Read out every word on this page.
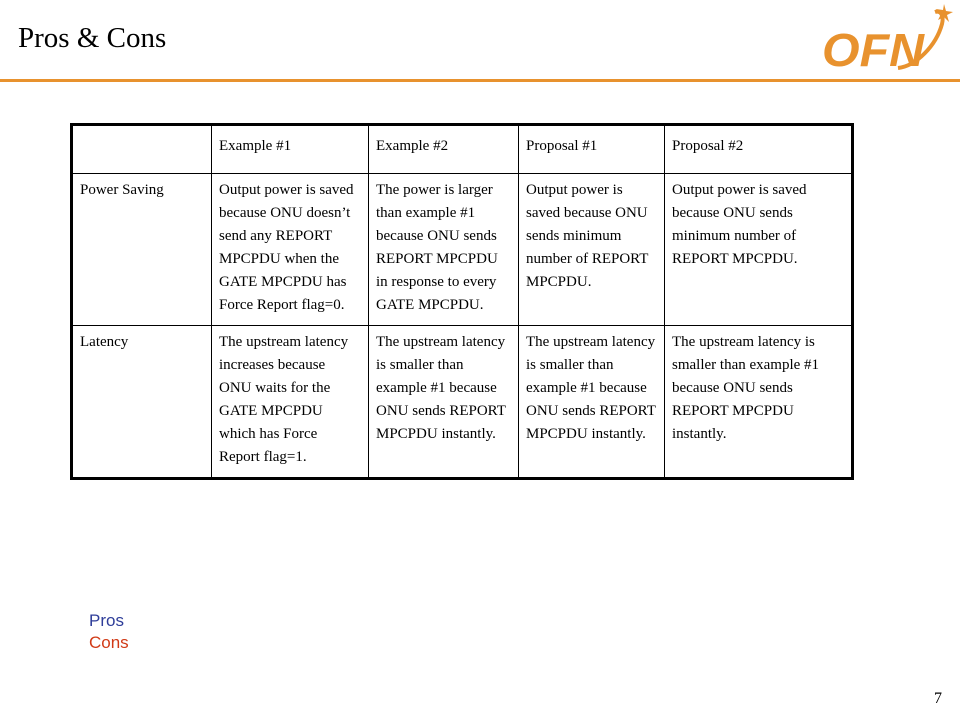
Pros & Cons	OFN
	Example #1	Example #2	Proposal #1	Proposal #2
Power Saving	Output power is saved because ONU doesn’t send any REPORT MPCPDU when the GATE MPCPDU has Force Report flag=0.	The power is larger than example #1 because ONU sends REPORT MPCPDU in response to every GATE MPCPDU.	Output power is saved because ONU sends minimum number of REPORT MPCPDU.	Output power is saved because ONU sends minimum number of REPORT MPCPDU.
Latency	The upstream latency increases because ONU waits for the GATE MPCPDU which has Force Report flag=1.	The upstream latency is smaller than example #1 because ONU sends REPORT MPCPDU instantly.	The upstream latency is smaller than example #1 because ONU sends REPORT MPCPDU instantly.	The upstream latency is smaller than example #1 because ONU sends REPORT MPCPDU instantly.
Pros
Cons
7
